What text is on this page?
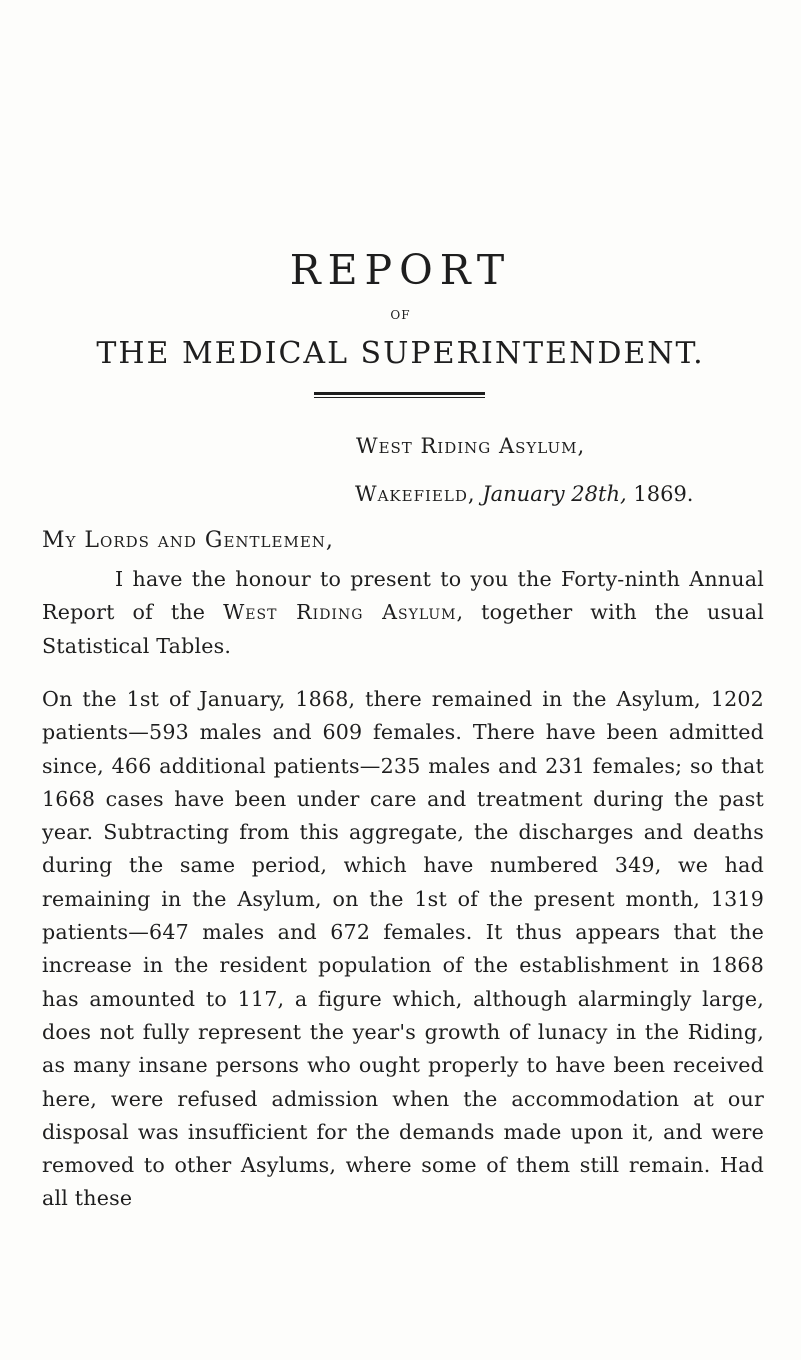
REPORT
OF
THE MEDICAL SUPERINTENDENT.
West Riding Asylum,
Wakefield, January 28th, 1869.
My Lords and Gentlemen,
I have the honour to present to you the Forty-ninth Annual Report of the West Riding Asylum, together with the usual Statistical Tables.
On the 1st of January, 1868, there remained in the Asylum, 1202 patients—593 males and 609 females. There have been admitted since, 466 additional patients—235 males and 231 females; so that 1668 cases have been under care and treatment during the past year. Subtracting from this aggregate, the discharges and deaths during the same period, which have numbered 349, we had remaining in the Asylum, on the 1st of the present month, 1319 patients—647 males and 672 females. It thus appears that the increase in the resident population of the establishment in 1868 has amounted to 117, a figure which, although alarmingly large, does not fully represent the year's growth of lunacy in the Riding, as many insane persons who ought properly to have been received here, were refused admission when the accommodation at our disposal was insufficient for the demands made upon it, and were removed to other Asylums, where some of them still remain. Had all these
